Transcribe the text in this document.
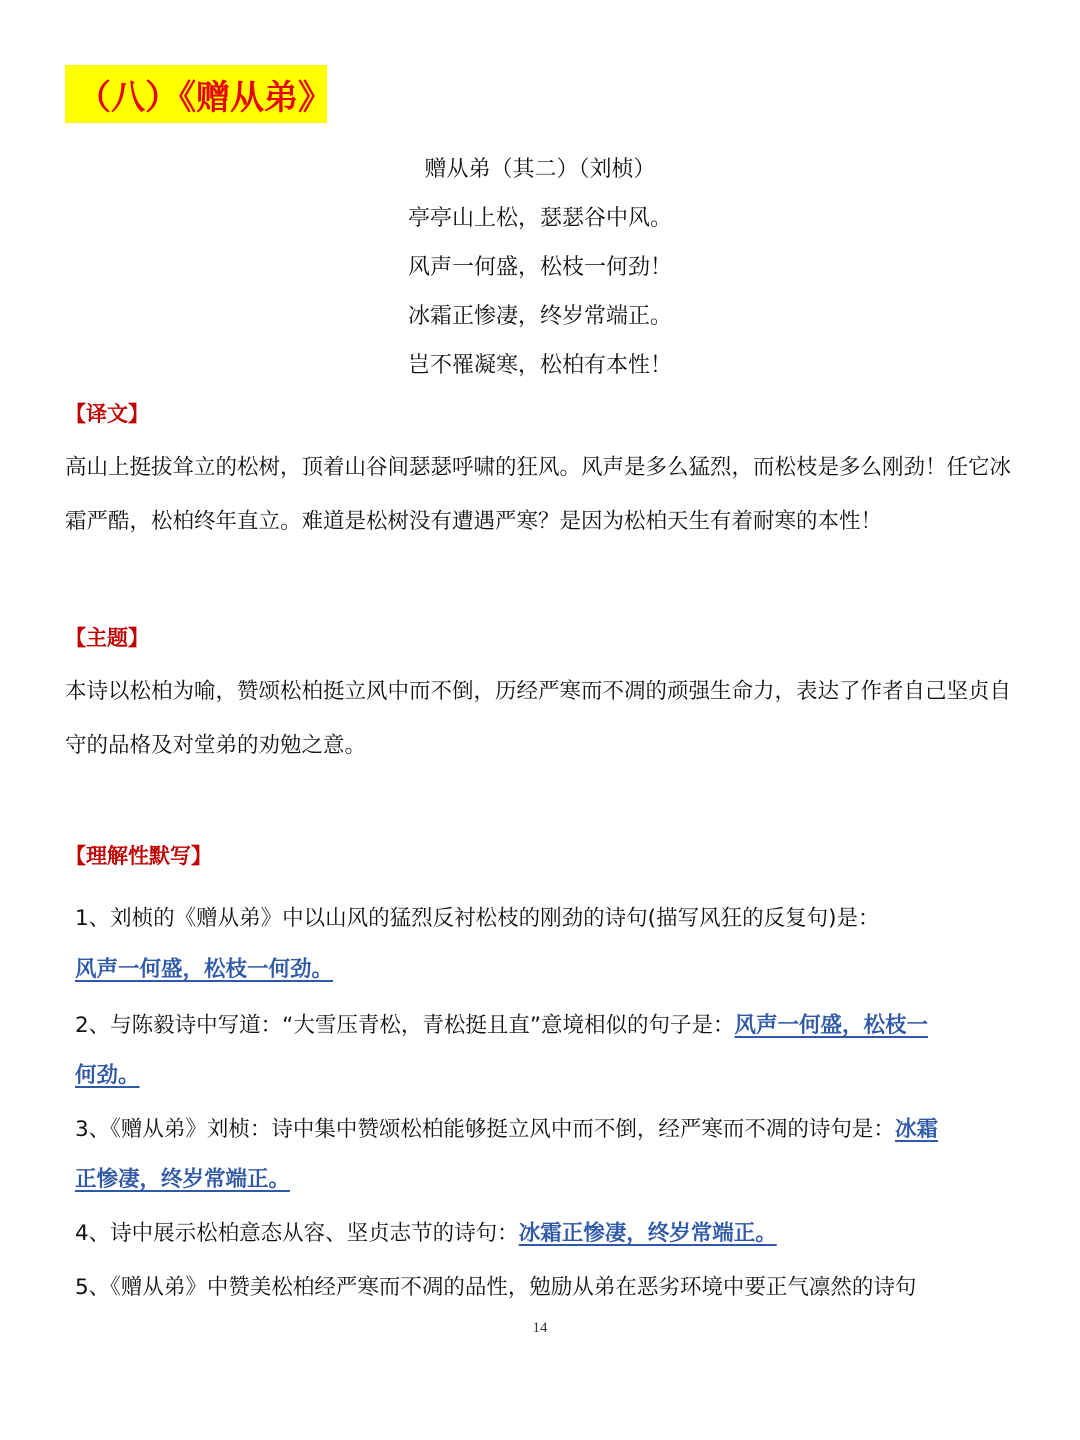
（八）《赠从弟》
赠从弟（其二）（刘桢）
亭亭山上松，瑟瑟谷中风。
风声一何盛，松枝一何劲！
冰霜正惨凄，终岁常端正。
岂不罹凝寒，松柏有本性！
【译文】
高山上挺拔耸立的松树，顶着山谷间瑟瑟呼啸的狂风。风声是多么猛烈，而松枝是多么刚劲！任它冰
霜严酷，松柏终年直立。难道是松树没有遭遇严寒？是因为松柏天生有着耐寒的本性！
【主题】
本诗以松柏为喻，赞颂松柏挺立风中而不倒，历经严寒而不凋的顽强生命力，表达了作者自己坚贞自
守的品格及对堂弟的劝勉之意。
【理解性默写】
1、刘桢的《赠从弟》中以山风的猛烈反衬松枝的刚劲的诗句(描写风狂的反复句)是：
风声一何盛，松枝一何劲。
2、与陈毅诗中写道：“大雪压青松，青松挺且直”意境相似的句子是：风声一何盛，松枝一
何劲。
3、《赠从弟》刘桢：诗中集中赞颂松柏能够挺立风中而不倒，经严寒而不凋的诗句是：冰霜
正惨凄，终岁常端正。
4、诗中展示松柏意态从容、坚贞志节的诗句：冰霜正惨凄，终岁常端正。
5、《赠从弟》中赞美松柏经严寒而不凋的品性，勉励从弟在恶劣环境中要正气凛然的诗句
14
